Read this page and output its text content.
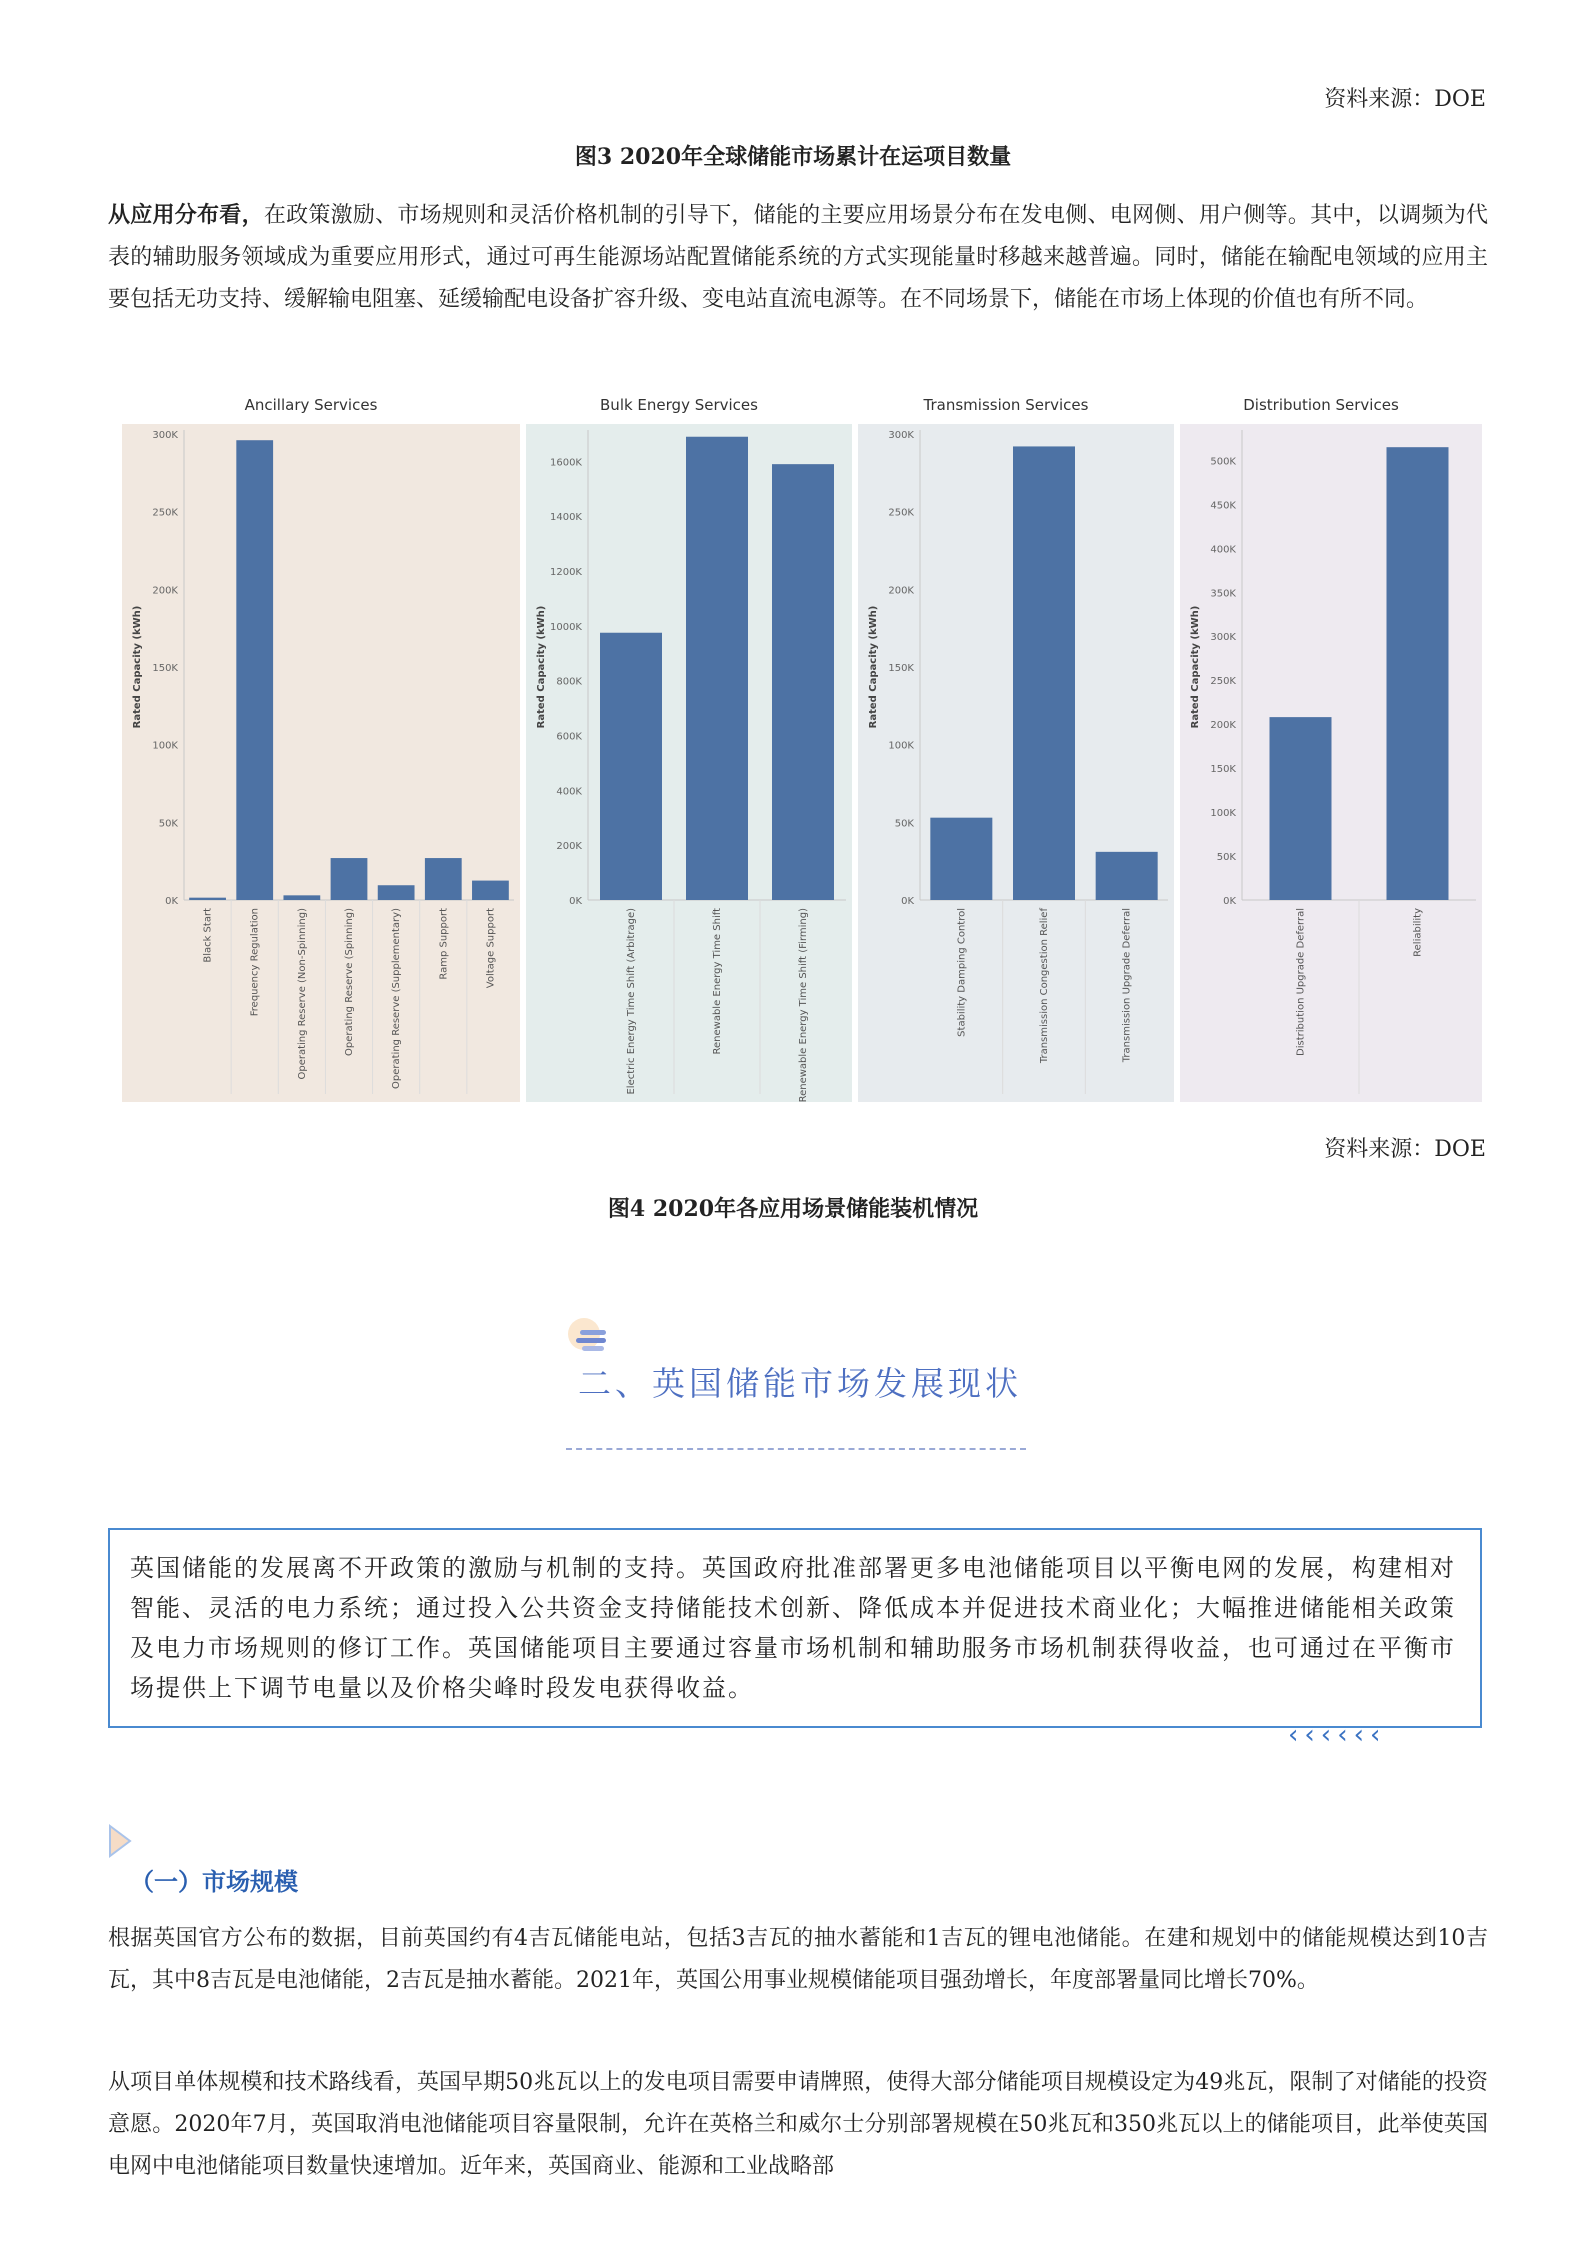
资料来源：DOE
图3 2020年全球储能市场累计在运项目数量
从应用分布看，在政策激励、市场规则和灵活价格机制的引导下，储能的主要应用场景分布在发电侧、电网侧、用户侧等。其中，以调频为代表的辅助服务领域成为重要应用形式，通过可再生能源场站配置储能系统的方式实现能量时移越来越普遍。同时，储能在输配电领域的应用主要包括无功支持、缓解输电阻塞、延缓输配电设备扩容升级、变电站直流电源等。在不同场景下，储能在市场上体现的价值也有所不同。
Ancillary Services
Rated Capacity (kWh)
0K
50K
100K
150K
200K
250K
300K
Black Start	Frequency Regulation	Operating Reserve (Non-Spinning)	Operating Reserve (Spinning)	Operating Reserve (Supplementary)	Ramp Support	Voltage Support
Bulk Energy Services
Rated Capacity (kWh)
0K
200K
400K
600K
800K
1000K
1200K
1400K
1600K
Electric Energy Time Shift (Arbitrage)	Renewable Energy Time Shift	Renewable Energy Time Shift (Firming)
Transmission Services
Rated Capacity (kWh)
0K
50K
100K
150K
200K
250K
300K
Stability Damping Control	Transmission Congestion Relief	Transmission Upgrade Deferral
Distribution Services
Rated Capacity (kWh)
0K
50K
100K
150K
200K
250K
300K
350K
400K
450K
500K
Distribution Upgrade Deferral	Reliability
资料来源：DOE
图4 2020年各应用场景储能装机情况
二、英国储能市场发展现状

英国储能的发展离不开政策的激励与机制的支持。英国政府批准部署更多电池储能项目以平衡电网的发展，构建相对智能、灵活的电力系统；通过投入公共资金支持储能技术创新、降低成本并促进技术商业化；大幅推进储能相关政策及电力市场规则的修订工作。英国储能项目主要通过容量市场机制和辅助服务市场机制获得收益，也可通过在平衡市场提供上下调节电量以及价格尖峰时段发电获得收益。

‹‹‹‹‹‹
（一）市场规模
根据英国官方公布的数据，目前英国约有4吉瓦储能电站，包括3吉瓦的抽水蓄能和1吉瓦的锂电池储能。在建和规划中的储能规模达到10吉瓦，其中8吉瓦是电池储能，2吉瓦是抽水蓄能。2021年，英国公用事业规模储能项目强劲增长，年度部署量同比增长70%。
从项目单体规模和技术路线看，英国早期50兆瓦以上的发电项目需要申请牌照，使得大部分储能项目规模设定为49兆瓦，限制了对储能的投资意愿。2020年7月，英国取消电池储能项目容量限制，允许在英格兰和威尔士分别部署规模在50兆瓦和350兆瓦以上的储能项目，此举使英国电网中电池储能项目数量快速增加。近年来，英国商业、能源和工业战略部
